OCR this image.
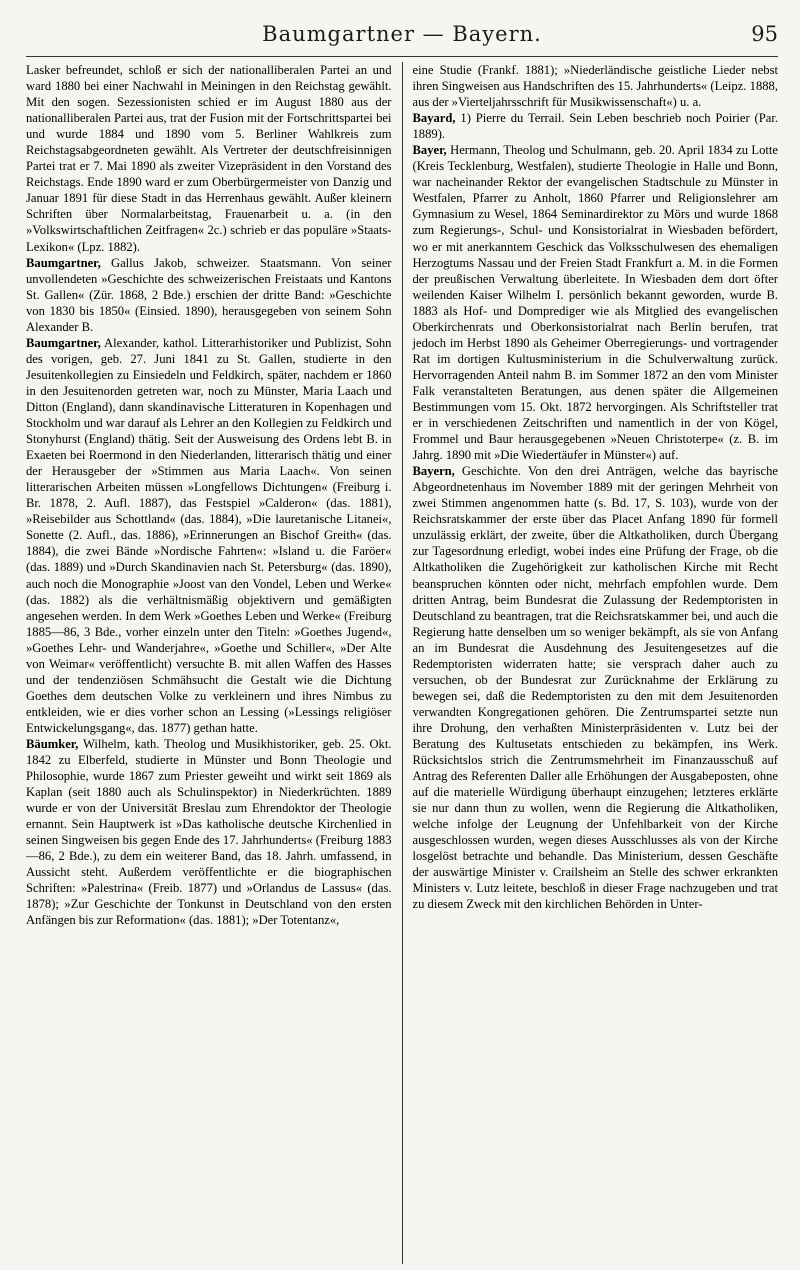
Baumgartner — Bayern.	95

Lasker befreundet, schloß er sich der nationalliberalen Partei an und ward 1880 bei einer Nachwahl in Meiningen in den Reichstag gewählt. Mit den sogen. Sezessionisten schied er im August 1880 aus der nationalliberalen Partei aus, trat der Fusion mit der Fortschrittspartei bei und wurde 1884 und 1890 vom 5. Berliner Wahlkreis zum Reichstagsabgeordneten gewählt. Als Vertreter der deutschfreisinnigen Partei trat er 7. Mai 1890 als zweiter Vizepräsident in den Vorstand des Reichstags. Ende 1890 ward er zum Oberbürgermeister von Danzig und Januar 1891 für diese Stadt in das Herrenhaus gewählt. Außer kleinern Schriften über Normalarbeitstag, Frauenarbeit u. a. (in den »Volkswirtschaftlichen Zeitfragen« 2c.) schrieb er das populäre »Staats-Lexikon« (Lpz. 1882).

Baumgartner, Gallus Jakob, schweizer. Staatsmann. Von seiner unvollendeten »Geschichte des schweizerischen Freistaats und Kantons St. Gallen« (Zür. 1868, 2 Bde.) erschien der dritte Band: »Geschichte von 1830 bis 1850« (Einsied. 1890), herausgegeben von seinem Sohn Alexander B.

Baumgartner, Alexander, kathol. Litterarhistoriker und Publizist, Sohn des vorigen, geb. 27. Juni 1841 zu St. Gallen, studierte in den Jesuitenkollegien zu Einsiedeln und Feldkirch, später, nachdem er 1860 in den Jesuitenorden getreten war, noch zu Münster, Maria Laach und Ditton (England), dann skandinavische Litteraturen in Kopenhagen und Stockholm und war darauf als Lehrer an den Kollegien zu Feldkirch und Stonyhurst (England) thätig. Seit der Ausweisung des Ordens lebt B. in Exaeten bei Roermond in den Niederlanden, litterarisch thätig und einer der Herausgeber der »Stimmen aus Maria Laach«. Von seinen litterarischen Arbeiten müssen »Longfellows Dichtungen« (Freiburg i. Br. 1878, 2. Aufl. 1887), das Festspiel »Calderon« (das. 1881), »Reisebilder aus Schottland« (das. 1884), »Die lauretanische Litanei«, Sonette (2. Aufl., das. 1886), »Erinnerungen an Bischof Greith« (das. 1884), die zwei Bände »Nordische Fahrten«: »Island u. die Faröer« (das. 1889) und »Durch Skandinavien nach St. Petersburg« (das. 1890), auch noch die Monographie »Joost van den Vondel, Leben und Werke« (das. 1882) als die verhältnismäßig objektivern und gemäßigten angesehen werden. In dem Werk »Goethes Leben und Werke« (Freiburg 1885—86, 3 Bde., vorher einzeln unter den Titeln: »Goethes Jugend«, »Goethes Lehr- und Wanderjahre«, »Goethe und Schiller«, »Der Alte von Weimar« veröffentlicht) versuchte B. mit allen Waffen des Hasses und der tendenziösen Schmähsucht die Gestalt wie die Dichtung Goethes dem deutschen Volke zu verkleinern und ihres Nimbus zu entkleiden, wie er dies vorher schon an Lessing (»Lessings religiöser Entwickelungsgang«, das. 1877) gethan hatte.

Bäumker, Wilhelm, kath. Theolog und Musikhistoriker, geb. 25. Okt. 1842 zu Elberfeld, studierte in Münster und Bonn Theologie und Philosophie, wurde 1867 zum Priester geweiht und wirkt seit 1869 als Kaplan (seit 1880 auch als Schulinspektor) in Niederkrüchten. 1889 wurde er von der Universität Breslau zum Ehrendoktor der Theologie ernannt. Sein Hauptwerk ist »Das katholische deutsche Kirchenlied in seinen Singweisen bis gegen Ende des 17. Jahrhunderts« (Freiburg 1883—86, 2 Bde.), zu dem ein weiterer Band, das 18. Jahrh. umfassend, in Aussicht steht. Außerdem veröffentlichte er die biographischen Schriften: »Palestrina« (Freib. 1877) und »Orlandus de Lassus« (das. 1878); »Zur Geschichte der Tonkunst in Deutschland von den ersten Anfängen bis zur Reformation« (das. 1881); »Der Totentanz«,

eine Studie (Frankf. 1881); »Niederländische geistliche Lieder nebst ihren Singweisen aus Handschriften des 15. Jahrhunderts« (Leipz. 1888, aus der »Vierteljahrsschrift für Musikwissenschaft«) u. a.

Bayard, 1) Pierre du Terrail. Sein Leben beschrieb noch Poirier (Par. 1889).

Bayer, Hermann, Theolog und Schulmann, geb. 20. April 1834 zu Lotte (Kreis Tecklenburg, Westfalen), studierte Theologie in Halle und Bonn, war nacheinander Rektor der evangelischen Stadtschule zu Münster in Westfalen, Pfarrer zu Anholt, 1860 Pfarrer und Religionslehrer am Gymnasium zu Wesel, 1864 Seminardirektor zu Mörs und wurde 1868 zum Regierungs-, Schul- und Konsistorialrat in Wiesbaden befördert, wo er mit anerkanntem Geschick das Volksschulwesen des ehemaligen Herzogtums Nassau und der Freien Stadt Frankfurt a. M. in die Formen der preußischen Verwaltung überleitete. In Wiesbaden dem dort öfter weilenden Kaiser Wilhelm I. persönlich bekannt geworden, wurde B. 1883 als Hof- und Domprediger wie als Mitglied des evangelischen Oberkirchenrats und Oberkonsistorialrat nach Berlin berufen, trat jedoch im Herbst 1890 als Geheimer Oberregierungs- und vortragender Rat im dortigen Kultusministerium in die Schulverwaltung zurück. Hervorragenden Anteil nahm B. im Sommer 1872 an den vom Minister Falk veranstalteten Beratungen, aus denen später die Allgemeinen Bestimmungen vom 15. Okt. 1872 hervorgingen. Als Schriftsteller trat er in verschiedenen Zeitschriften und namentlich in der von Kögel, Frommel und Baur herausgegebenen »Neuen Christoterpe« (z. B. im Jahrg. 1890 mit »Die Wiedertäufer in Münster«) auf.

Bayern, Geschichte. Von den drei Anträgen, welche das bayrische Abgeordnetenhaus im November 1889 mit der geringen Mehrheit von zwei Stimmen angenommen hatte (s. Bd. 17, S. 103), wurde von der Reichsratskammer der erste über das Placet Anfang 1890 für formell unzulässig erklärt, der zweite, über die Altkatholiken, durch Übergang zur Tagesordnung erledigt, wobei indes eine Prüfung der Frage, ob die Altkatholiken die Zugehörigkeit zur katholischen Kirche mit Recht beanspruchen könnten oder nicht, mehrfach empfohlen wurde. Dem dritten Antrag, beim Bundesrat die Zulassung der Redemptoristen in Deutschland zu beantragen, trat die Reichsratskammer bei, und auch die Regierung hatte denselben um so weniger bekämpft, als sie von Anfang an im Bundesrat die Ausdehnung des Jesuitengesetzes auf die Redemptoristen widerraten hatte; sie versprach daher auch zu versuchen, ob der Bundesrat zur Zurücknahme der Erklärung zu bewegen sei, daß die Redemptoristen zu den mit dem Jesuitenorden verwandten Kongregationen gehören. Die Zentrumspartei setzte nun ihre Drohung, den verhaßten Ministerpräsidenten v. Lutz bei der Beratung des Kultusetats entschieden zu bekämpfen, ins Werk. Rücksichtslos strich die Zentrumsmehrheit im Finanzausschuß auf Antrag des Referenten Daller alle Erhöhungen der Ausgabeposten, ohne auf die materielle Würdigung überhaupt einzugehen; letzteres erklärte sie nur dann thun zu wollen, wenn die Regierung die Altkatholiken, welche infolge der Leugnung der Unfehlbarkeit von der Kirche ausgeschlossen wurden, wegen dieses Ausschlusses als von der Kirche losgelöst betrachte und behandle. Das Ministerium, dessen Geschäfte der auswärtige Minister v. Crailsheim an Stelle des schwer erkrankten Ministers v. Lutz leitete, beschloß in dieser Frage nachzugeben und trat zu diesem Zweck mit den kirchlichen Behörden in Unter-
